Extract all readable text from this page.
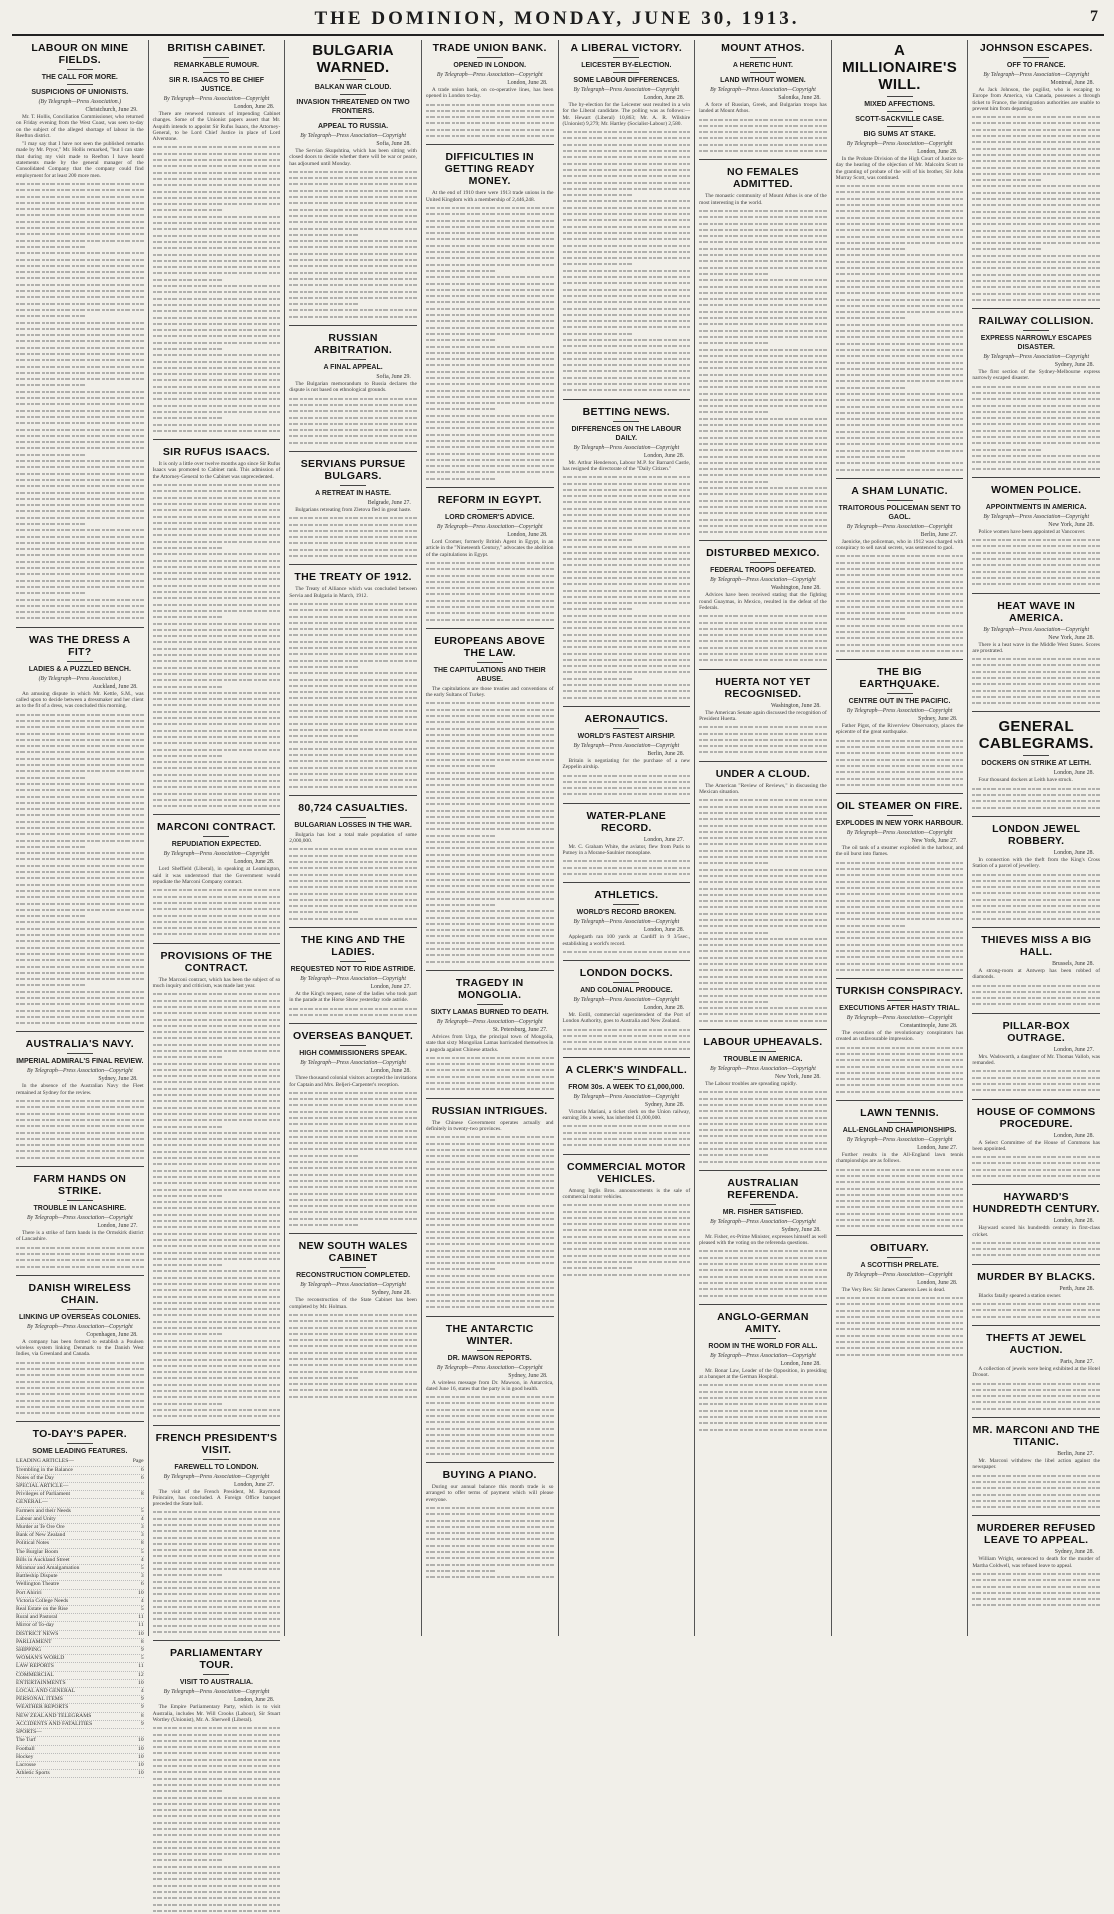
THE DOMINION, MONDAY, JUNE 30, 1913.	7
LABOUR ON MINE FIELDS.
THE CALL FOR MORE.
SUSPICIONS OF UNIONISTS.
(By Telegraph—Press Association.)
Christchurch, June 29.

Mr. T. Hollis, Conciliation Commissioner, who returned on Friday evening from the West Coast, was seen to-day on the subject of the alleged shortage of labour in the Reefton district.

"I may say that I have not seen the published remarks made by Mr. Pryor," Mr. Hollis remarked, "but I can state that during my visit made to Reefton I have heard statements made by the general manager of the Consolidated Company that the company could find employment for at least 200 more men.

WAS THE DRESS A FIT?
LADIES & A PUZZLED BENCH.
(By Telegraph—Press Association.)
Auckland, June 28.

An amusing dispute in which Mr. Kettle, S.M., was called upon to decide between a dressmaker and her client as to the fit of a dress, was concluded this morning.

AUSTRALIA'S NAVY.
IMPERIAL ADMIRAL'S FINAL REVIEW.
By Telegraph—Press Association—Copyright
Sydney, June 28.

In the absence of the Australian Navy the Fleet remained at Sydney for the review.

FARM HANDS ON STRIKE.
TROUBLE IN LANCASHIRE.
By Telegraph—Press Association—Copyright
London, June 27.

There is a strike of farm hands in the Ormskirk district of Lancashire.

DANISH WIRELESS CHAIN.
LINKING UP OVERSEAS COLONIES.
By Telegraph—Press Association—Copyright
Copenhagen, June 28.

A company has been formed to establish a Poulsen wireless system linking Denmark to the Danish West Indies, via Greenland and Canada.

TO-DAY'S PAPER.
SOME LEADING FEATURES.
LEADING ARTICLES—	Page
Trembling in the Balance	6
Notes of the Day	6
SPECIAL ARTICLE—
Privileges of Parliament	8
GENERAL—
Farmers and their Needs	5
Labour and Unity	4
Murder at Te Ore Ore	3
Bank of New Zealand	3
Political Notes	8
The Burglar Boom	5
Bills in Auckland Street	4
Miramar and Amalgamation	5
Battleship Dispute	3
Wellington Theatre	6
Port Ahiriri	10
Victoria College Needs	4
Real Estate on the Rise	5
Rural and Pastoral	11
Mirror of To-day	11
DISTRICT NEWS	10
PARLIAMENT	8
SHIPPING	9
WOMAN'S WORLD	5
LAW REPORTS	11
COMMERCIAL	12
ENTERTAINMENTS	10
LOCAL AND GENERAL	4
PERSONAL ITEMS	9
WEATHER REPORTS	9
NEW ZEALAND TELEGRAMS	8
ACCIDENTS AND FATALITIES	9
SPORTS—
The Turf	10
Football	10
Hockey	10
Lacrosse	10
Athletic Sports	10
BRITISH CABINET.
REMARKABLE RUMOUR.
SIR R. ISAACS TO BE CHIEF JUSTICE.
By Telegraph—Press Association—Copyright
London, June 28.

There are renewed rumours of impending Cabinet changes. Some of the Unionist papers assert that Mr. Asquith intends to appoint Sir Rufus Isaacs, the Attorney-General, to be Lord Chief Justice in place of Lord Alverstone.

SIR RUFUS ISAACS.

It is only a little over twelve months ago since Sir Rufus Isaacs was promoted to Cabinet rank. This admission of the Attorney-General to the Cabinet was unprecedented.

MARCONI CONTRACT.
REPUDIATION EXPECTED.
By Telegraph—Press Association—Copyright
London, June 28.

Lord Sheffield (Liberal), in speaking at Leamington, said it was understood that the Government would repudiate the Marconi Company contract.

PROVISIONS OF THE CONTRACT.

The Marconi contract, which has been the subject of so much inquiry and criticism, was made last year.

FRENCH PRESIDENT'S VISIT.
FAREWELL TO LONDON.
By Telegraph—Press Association—Copyright
London, June 27.

The visit of the French President, M. Raymond Poincaire, has concluded. A Foreign Office banquet preceded the State ball.

PARLIAMENTARY TOUR.
VISIT TO AUSTRALIA.
By Telegraph—Press Association—Copyright
London, June 28.

The Empire Parliamentary Party, which is to visit Australia, includes Mr. Will Crooks (Labour), Sir Stuart Wortley (Unionist), Mr. A. Sherwell (Liberal).

BULGARIA WARNED.
BALKAN WAR CLOUD.
INVASION THREATENED ON TWO FRONTIERS.
APPEAL TO RUSSIA.
By Telegraph—Press Association—Copyright
Sofia, June 28.

The Servian Skupshtina, which has been sitting with closed doors to decide whether there will be war or peace, has adjourned until Monday.

RUSSIAN ARBITRATION.
A FINAL APPEAL.
Sofia, June 29.

The Bulgarian memorandum to Russia declares the dispute is not based on ethnological grounds.

SERVIANS PURSUE BULGARS.
A RETREAT IN HASTE.
Belgrade, June 27.

Bulgarians retreating from Zletova fled in great haste.

THE TREATY OF 1912.

The Treaty of Alliance which was concluded between Servia and Bulgaria in March, 1912.

80,724 CASUALTIES.
BULGARIAN LOSSES IN THE WAR.

Bulgaria has lost a total male population of some 2,000,000.

THE KING AND THE LADIES.
REQUESTED NOT TO RIDE ASTRIDE.
By Telegraph—Press Association—Copyright
London, June 27.

At the King's request, none of the ladies who took part in the parade at the Horse Show yesterday rode astride.

OVERSEAS BANQUET.
HIGH COMMISSIONERS SPEAK.
By Telegraph—Press Association—Copyright
London, June 28.

Three thousand colonial visitors accepted the invitations for Captain and Mrs. Beljeri-Carpenter's reception.

NEW SOUTH WALES CABINET
RECONSTRUCTION COMPLETED.
By Telegraph—Press Association—Copyright
Sydney, June 28.

The reconstruction of the State Cabinet has been completed by Mr. Holman.

TRADE UNION BANK.
OPENED IN LONDON.
By Telegraph—Press Association—Copyright
London, June 28.

A trade union bank, on co-operative lines, has been opened in London to-day.

DIFFICULTIES IN GETTING READY MONEY.

At the end of 1910 there were 1913 trade unions in the United Kingdom with a membership of 2,446,248.

REFORM IN EGYPT.
LORD CROMER'S ADVICE.
By Telegraph—Press Association—Copyright
London, June 28.

Lord Cromer, formerly British Agent in Egypt, in an article in the "Nineteenth Century," advocates the abolition of the capitulations in Egypt.

EUROPEANS ABOVE THE LAW.
THE CAPITULATIONS AND THEIR ABUSE.

The capitulations are those treaties and conventions of the early Sultans of Turkey.

TRAGEDY IN MONGOLIA.
SIXTY LAMAS BURNED TO DEATH.
By Telegraph—Press Association—Copyright
St. Petersburg, June 27.

Advices from Urga, the principal town of Mongolia, state that sixty Mongolian Lamas barricaded themselves in a pagoda against Chinese attacks.

RUSSIAN INTRIGUES.

The Chinese Government operates actually and definitely in twenty-two provinces.

THE ANTARCTIC WINTER.
DR. MAWSON REPORTS.
By Telegraph—Press Association—Copyright
Sydney, June 28.

A wireless message from Dr. Mawson, in Antarctica, dated June 16, states that the party is in good health.

BUYING A PIANO.

During our annual balance this month trade is so arranged to offer terms of payment which will please everyone.

A LIBERAL VICTORY.
LEICESTER BY-ELECTION.
SOME LABOUR DIFFERENCES.
By Telegraph—Press Association—Copyright
London, June 28.

The by-election for the Leicester seat resulted in a win for the Liberal candidate. The polling was as follows:— Mr. Hewart (Liberal) 10,863; Mr. A. R. Wilshire (Unionist) 9,279; Mr. Hartley (Socialist-Labour) 2,580.

BETTING NEWS.
DIFFERENCES ON THE LABOUR DAILY.
By Telegraph—Press Association—Copyright
London, June 28.

Mr. Arthur Henderson, Labour M.P. for Barnard Castle, has resigned the directorate of the "Daily Citizen."

AERONAUTICS.
WORLD'S FASTEST AIRSHIP.
By Telegraph—Press Association—Copyright
Berlin, June 28.

Britain is negotiating for the purchase of a new Zeppelin airship.

WATER-PLANE RECORD.
London, June 27.

Mr. C. Graham White, the aviator, flew from Paris to Putney in a Morane-Saulnier monoplane.

ATHLETICS.
WORLD'S RECORD BROKEN.
By Telegraph—Press Association—Copyright
London, June 28.

Applegarth ran 100 yards at Cardiff in 9 3/5sec., establishing a world's record.

LONDON DOCKS.
AND COLONIAL PRODUCE.
By Telegraph—Press Association—Copyright
London, June 28.

Mr. Estill, commercial superintendent of the Port of London Authority, goes to Australia and New Zealand.

A CLERK'S WINDFALL.
FROM 30s. A WEEK TO £1,000,000.
By Telegraph—Press Association—Copyright
Sydney, June 28.

Victoria Mariani, a ticket clerk on the Union railway, earning 30s a week, has inherited £1,000,000.

COMMERCIAL MOTOR VEHICLES.

Among Inglis Bros. announcements is the sale of commercial motor vehicles.

MOUNT ATHOS.
A HERETIC HUNT.
LAND WITHOUT WOMEN.
By Telegraph—Press Association—Copyright
Salonika, June 28.

A force of Russian, Greek, and Bulgarian troops has landed at Mount Athos.

NO FEMALES ADMITTED.

The monastic community of Mount Athos is one of the most interesting in the world.

DISTURBED MEXICO.
FEDERAL TROOPS DEFEATED.
By Telegraph—Press Association—Copyright
Washington, June 28.

Advices have been received stating that the fighting round Guaymas, in Mexico, resulted in the defeat of the Federals.

HUERTA NOT YET RECOGNISED.
Washington, June 28.

The American Senate again discussed the recognition of President Huerta.

UNDER A CLOUD.

The American "Review of Reviews," in discussing the Mexican situation.

LABOUR UPHEAVALS.
TROUBLE IN AMERICA.
By Telegraph—Press Association—Copyright
New York, June 28.

The Labour troubles are spreading rapidly.

AUSTRALIAN REFERENDA.
MR. FISHER SATISFIED.
By Telegraph—Press Association—Copyright
Sydney, June 28.

Mr. Fisher, ex-Prime Minister, expresses himself as well pleased with the voting on the referenda questions.

ANGLO-GERMAN AMITY.
ROOM IN THE WORLD FOR ALL.
By Telegraph—Press Association—Copyright
London, June 28.

Mr. Bonar Law, Leader of the Opposition, in presiding at a banquet at the German Hospital.

A MILLIONAIRE'S WILL.
MIXED AFFECTIONS.
SCOTT-SACKVILLE CASE.
BIG SUMS AT STAKE.
By Telegraph—Press Association—Copyright
London, June 28.

In the Probate Division of the High Court of Justice to-day the hearing of the objection of Mr. Malcolm Scott to the granting of probate of the will of his brother, Sir John Murray Scott, was continued.

A SHAM LUNATIC.
TRAITOROUS POLICEMAN SENT TO GAOL.
By Telegraph—Press Association—Copyright
Berlin, June 27.

Jaenicke, the policeman, who in 1912 was charged with conspiracy to sell naval secrets, was sentenced to gaol.

THE BIG EARTHQUAKE.
CENTRE OUT IN THE PACIFIC.
By Telegraph—Press Association—Copyright
Sydney, June 28.

Father Pigot, of the Riverview Observatory, places the epicentre of the great earthquake.

OIL STEAMER ON FIRE.
EXPLODES IN NEW YORK HARBOUR.
By Telegraph—Press Association—Copyright
New York, June 27.

The oil tank of a steamer exploded in the harbour, and the oil burst into flames.

TURKISH CONSPIRACY.
EXECUTIONS AFTER HASTY TRIAL.
By Telegraph—Press Association—Copyright
Constantinople, June 28.

The execution of the revolutionary conspirators has created an unfavourable impression.

LAWN TENNIS.
ALL-ENGLAND CHAMPIONSHIPS.
By Telegraph—Press Association—Copyright
London, June 27.

Further results in the All-England lawn tennis championships are as follows.

OBITUARY.
A SCOTTISH PRELATE.
By Telegraph—Press Association—Copyright
London, June 28.

The Very Rev. Sir James Cameron Lees is dead.

JOHNSON ESCAPES.
OFF TO FRANCE.
By Telegraph—Press Association—Copyright
Montreal, June 28.

As Jack Johnson, the pugilist, who is escaping to Europe from America, via Canada, possesses a through ticket to France, the immigration authorities are unable to prevent him from departing.

RAILWAY COLLISION.
EXPRESS NARROWLY ESCAPES DISASTER.
By Telegraph—Press Association—Copyright
Sydney, June 28.

The first section of the Sydney-Melbourne express narrowly escaped disaster.

WOMEN POLICE.
APPOINTMENTS IN AMERICA.
By Telegraph—Press Association—Copyright
New York, June 28.

Police women have been appointed at Vancouver.

HEAT WAVE IN AMERICA.
By Telegraph—Press Association—Copyright
New York, June 28.

There is a heat wave in the Middle West States. Scores are prostrated.

GENERAL CABLEGRAMS.
DOCKERS ON STRIKE AT LEITH.
London, June 28.

Four thousand dockers at Leith have struck.

LONDON JEWEL ROBBERY.
London, June 28.

In connection with the theft from the King's Cross Station of a parcel of jewellery.

THIEVES MISS A BIG HALL.
Brussels, June 28.

A strong-room at Antwerp has been robbed of diamonds.

PILLAR-BOX OUTRAGE.
London, June 27.

Mrs. Wadsworth, a daughter of Mr. Thomas Vallob, was remanded.

HOUSE OF COMMONS PROCEDURE.
London, June 28.

A Select Committee of the House of Commons has been appointed.

HAYWARD'S HUNDREDTH CENTURY.
London, June 28.

Hayward scored his hundredth century in first-class cricket.

MURDER BY BLACKS.
Perth, June 28.

Blacks fatally speared a station owner.

THEFTS AT JEWEL AUCTION.
Paris, June 27.

A collection of jewels were being exhibited at the Hotel Drouot.

MR. MARCONI AND THE TITANIC.
Berlin, June 27.

Mr. Marconi withdrew the libel action against the newspaper.

MURDERER REFUSED LEAVE TO APPEAL.
Sydney, June 28.

William Wright, sentenced to death for the murder of Martha Coldwell, was refused leave to appeal.
